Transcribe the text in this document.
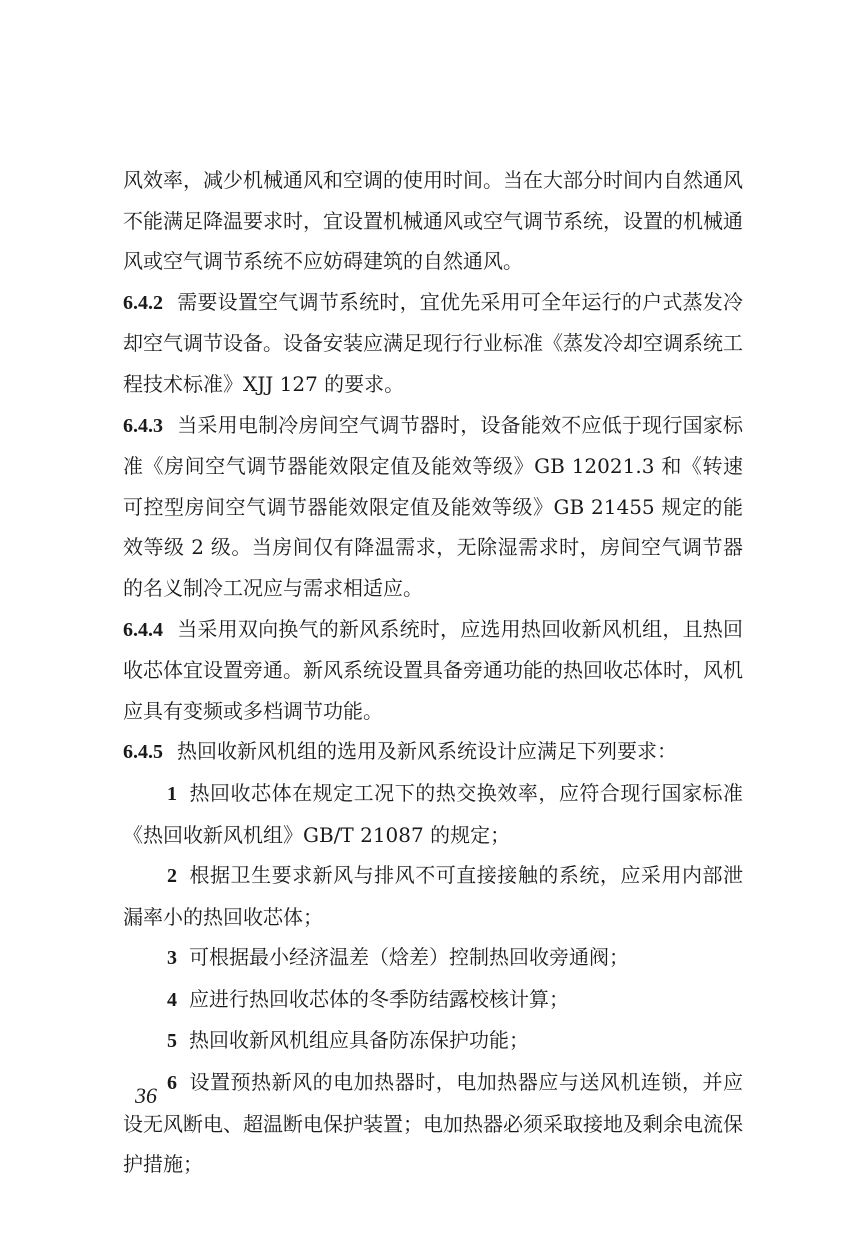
风效率，减少机械通风和空调的使用时间。当在大部分时间内自然通风不能满足降温要求时，宜设置机械通风或空气调节系统，设置的机械通风或空气调节系统不应妨碍建筑的自然通风。

6.4.2 需要设置空气调节系统时，宜优先采用可全年运行的户式蒸发冷却空气调节设备。设备安装应满足现行行业标准《蒸发冷却空调系统工程技术标准》XJJ 127 的要求。

6.4.3 当采用电制冷房间空气调节器时，设备能效不应低于现行国家标准《房间空气调节器能效限定值及能效等级》GB 12021.3 和《转速可控型房间空气调节器能效限定值及能效等级》GB 21455 规定的能效等级 2 级。当房间仅有降温需求，无除湿需求时，房间空气调节器的名义制冷工况应与需求相适应。

6.4.4 当采用双向换气的新风系统时，应选用热回收新风机组，且热回收芯体宜设置旁通。新风系统设置具备旁通功能的热回收芯体时，风机应具有变频或多档调节功能。

6.4.5 热回收新风机组的选用及新风系统设计应满足下列要求：

1 热回收芯体在规定工况下的热交换效率，应符合现行国家标准《热回收新风机组》GB/T 21087 的规定；

2 根据卫生要求新风与排风不可直接接触的系统，应采用内部泄漏率小的热回收芯体；

3 可根据最小经济温差（焓差）控制热回收旁通阀；

4 应进行热回收芯体的冬季防结露校核计算；

5 热回收新风机组应具备防冻保护功能；

6 设置预热新风的电加热器时，电加热器应与送风机连锁，并应设无风断电、超温断电保护装置；电加热器必须采取接地及剩余电流保护措施；

36
